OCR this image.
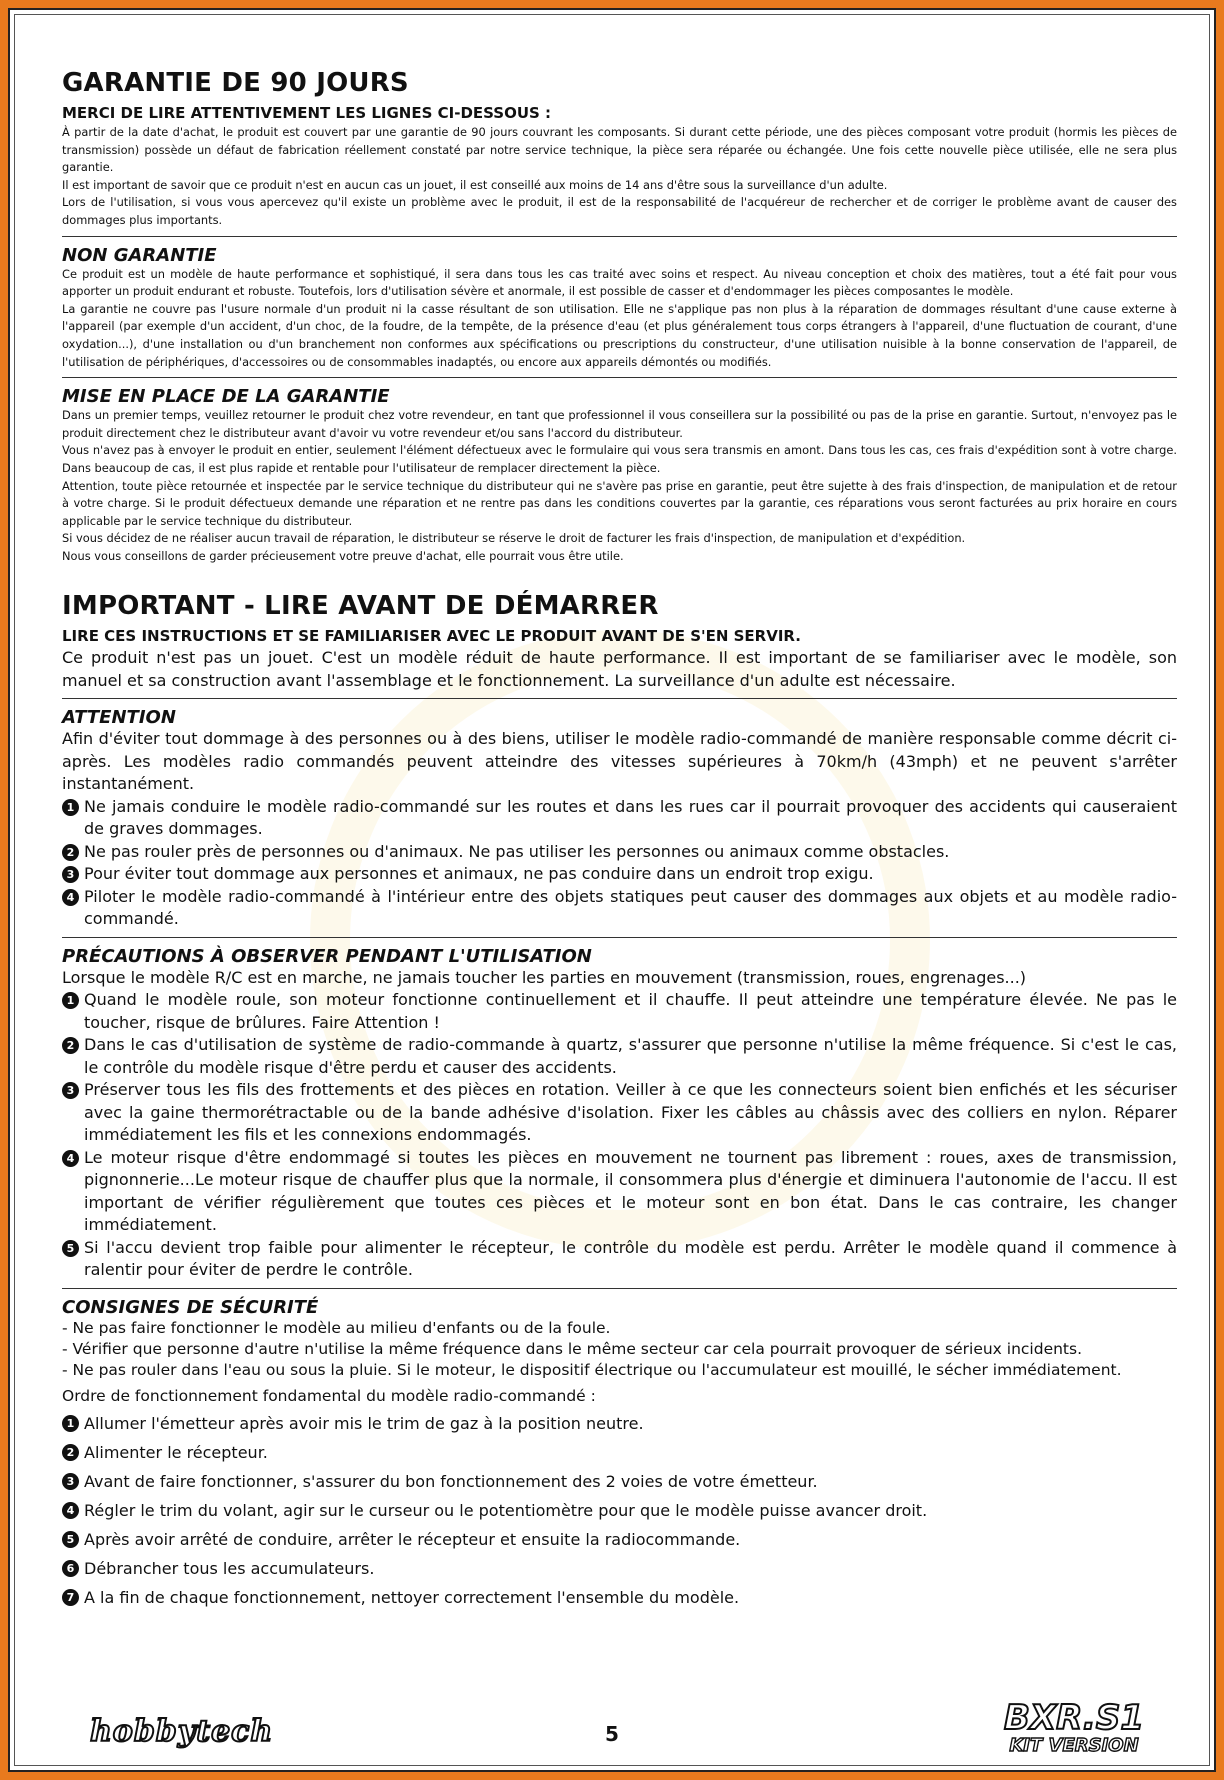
GARANTIE DE 90 JOURS
MERCI DE LIRE ATTENTIVEMENT LES LIGNES CI-DESSOUS :

À partir de la date d'achat, le produit est couvert par une garantie de 90 jours couvrant les composants. Si durant cette période, une des pièces composant votre produit (hormis les pièces de transmission) possède un défaut de fabrication réellement constaté par notre service technique, la pièce sera réparée ou échangée. Une fois cette nouvelle pièce utilisée, elle ne sera plus garantie.

Il est important de savoir que ce produit n'est en aucun cas un jouet, il est conseillé aux moins de 14 ans d'être sous la surveillance d'un adulte.

Lors de l'utilisation, si vous vous apercevez qu'il existe un problème avec le produit, il est de la responsabilité de l'acquéreur de rechercher et de corriger le problème avant de causer des dommages plus importants.

NON GARANTIE

Ce produit est un modèle de haute performance et sophistiqué, il sera dans tous les cas traité avec soins et respect. Au niveau conception et choix des matières, tout a été fait pour vous apporter un produit endurant et robuste. Toutefois, lors d'utilisation sévère et anormale, il est possible de casser et d'endommager les pièces composantes le modèle.

La garantie ne couvre pas l'usure normale d'un produit ni la casse résultant de son utilisation. Elle ne s'applique pas non plus à la réparation de dommages résultant d'une cause externe à l'appareil (par exemple d'un accident, d'un choc, de la foudre, de la tempête, de la présence d'eau (et plus généralement tous corps étrangers à l'appareil, d'une fluctuation de courant, d'une oxydation...), d'une installation ou d'un branchement non conformes aux spécifications ou prescriptions du constructeur, d'une utilisation nuisible à la bonne conservation de l'appareil, de l'utilisation de périphériques, d'accessoires ou de consommables inadaptés, ou encore aux appareils démontés ou modifiés.

MISE EN PLACE DE LA GARANTIE

Dans un premier temps, veuillez retourner le produit chez votre revendeur, en tant que professionnel il vous conseillera sur la possibilité ou pas de la prise en garantie. Surtout, n'envoyez pas le produit directement chez le distributeur avant d'avoir vu votre revendeur et/ou sans l'accord du distributeur.

Vous n'avez pas à envoyer le produit en entier, seulement l'élément défectueux avec le formulaire qui vous sera transmis en amont. Dans tous les cas, ces frais d'expédition sont à votre charge. Dans beaucoup de cas, il est plus rapide et rentable pour l'utilisateur de remplacer directement la pièce.

Attention, toute pièce retournée et inspectée par le service technique du distributeur qui ne s'avère pas prise en garantie, peut être sujette à des frais d'inspection, de manipulation et de retour à votre charge. Si le produit défectueux demande une réparation et ne rentre pas dans les conditions couvertes par la garantie, ces réparations vous seront facturées au prix horaire en cours applicable par le service technique du distributeur.

Si vous décidez de ne réaliser aucun travail de réparation, le distributeur se réserve le droit de facturer les frais d'inspection, de manipulation et d'expédition.

Nous vous conseillons de garder précieusement votre preuve d'achat, elle pourrait vous être utile.

IMPORTANT - LIRE AVANT DE DÉMARRER
LIRE CES INSTRUCTIONS ET SE FAMILIARISER AVEC LE PRODUIT AVANT DE S'EN SERVIR.

Ce produit n'est pas un jouet. C'est un modèle réduit de haute performance. Il est important de se familiariser avec le modèle, son manuel et sa construction avant l'assemblage et le fonctionnement. La surveillance d'un adulte est nécessaire.

ATTENTION

Afin d'éviter tout dommage à des personnes ou à des biens, utiliser le modèle radio-commandé de manière responsable comme décrit ci-après. Les modèles radio commandés peuvent atteindre des vitesses supérieures à 70km/h (43mph) et ne peuvent s'arrêter instantanément.

1 Ne jamais conduire le modèle radio-commandé sur les routes et dans les rues car il pourrait provoquer des accidents qui causeraient de graves dommages.
2 Ne pas rouler près de personnes ou d'animaux. Ne pas utiliser les personnes ou animaux comme obstacles.
3 Pour éviter tout dommage aux personnes et animaux, ne pas conduire dans un endroit trop exigu.
4 Piloter le modèle radio-commandé à l'intérieur entre des objets statiques peut causer des dommages aux objets et au modèle radio-commandé.
PRÉCAUTIONS À OBSERVER PENDANT L'UTILISATION

Lorsque le modèle R/C est en marche, ne jamais toucher les parties en mouvement (transmission, roues, engrenages...)

1 Quand le modèle roule, son moteur fonctionne continuellement et il chauffe. Il peut atteindre une température élevée. Ne pas le toucher, risque de brûlures. Faire Attention !
2 Dans le cas d'utilisation de système de radio-commande à quartz, s'assurer que personne n'utilise la même fréquence. Si c'est le cas, le contrôle du modèle risque d'être perdu et causer des accidents.
3 Préserver tous les fils des frottements et des pièces en rotation. Veiller à ce que les connecteurs soient bien enfichés et les sécuriser avec la gaine thermorétractable ou de la bande adhésive d'isolation. Fixer les câbles au châssis avec des colliers en nylon. Réparer immédiatement les fils et les connexions endommagés.
4 Le moteur risque d'être endommagé si toutes les pièces en mouvement ne tournent pas librement : roues, axes de transmission, pignonnerie...Le moteur risque de chauffer plus que la normale, il consommera plus d'énergie et diminuera l'autonomie de l'accu. Il est important de vérifier régulièrement que toutes ces pièces et le moteur sont en bon état. Dans le cas contraire, les changer immédiatement.
5 Si l'accu devient trop faible pour alimenter le récepteur, le contrôle du modèle est perdu. Arrêter le modèle quand il commence à ralentir pour éviter de perdre le contrôle.
CONSIGNES DE SÉCURITÉ
- Ne pas faire fonctionner le modèle au milieu d'enfants ou de la foule.
- Vérifier que personne d'autre n'utilise la même fréquence dans le même secteur car cela pourrait provoquer de sérieux incidents.
- Ne pas rouler dans l'eau ou sous la pluie. Si le moteur, le dispositif électrique ou l'accumulateur est mouillé, le sécher immédiatement.
Ordre de fonctionnement fondamental du modèle radio-commandé :
1 Allumer l'émetteur après avoir mis le trim de gaz à la position neutre.
2 Alimenter le récepteur.
3 Avant de faire fonctionner, s'assurer du bon fonctionnement des 2 voies de votre émetteur.
4 Régler le trim du volant, agir sur le curseur ou le potentiomètre pour que le modèle puisse avancer droit.
5 Après avoir arrêté de conduire, arrêter le récepteur et ensuite la radiocommande.
6 Débrancher tous les accumulateurs.
7 A la fin de chaque fonctionnement, nettoyer correctement l'ensemble du modèle.
hobbytech	5	BXR.S1
KIT VERSION
